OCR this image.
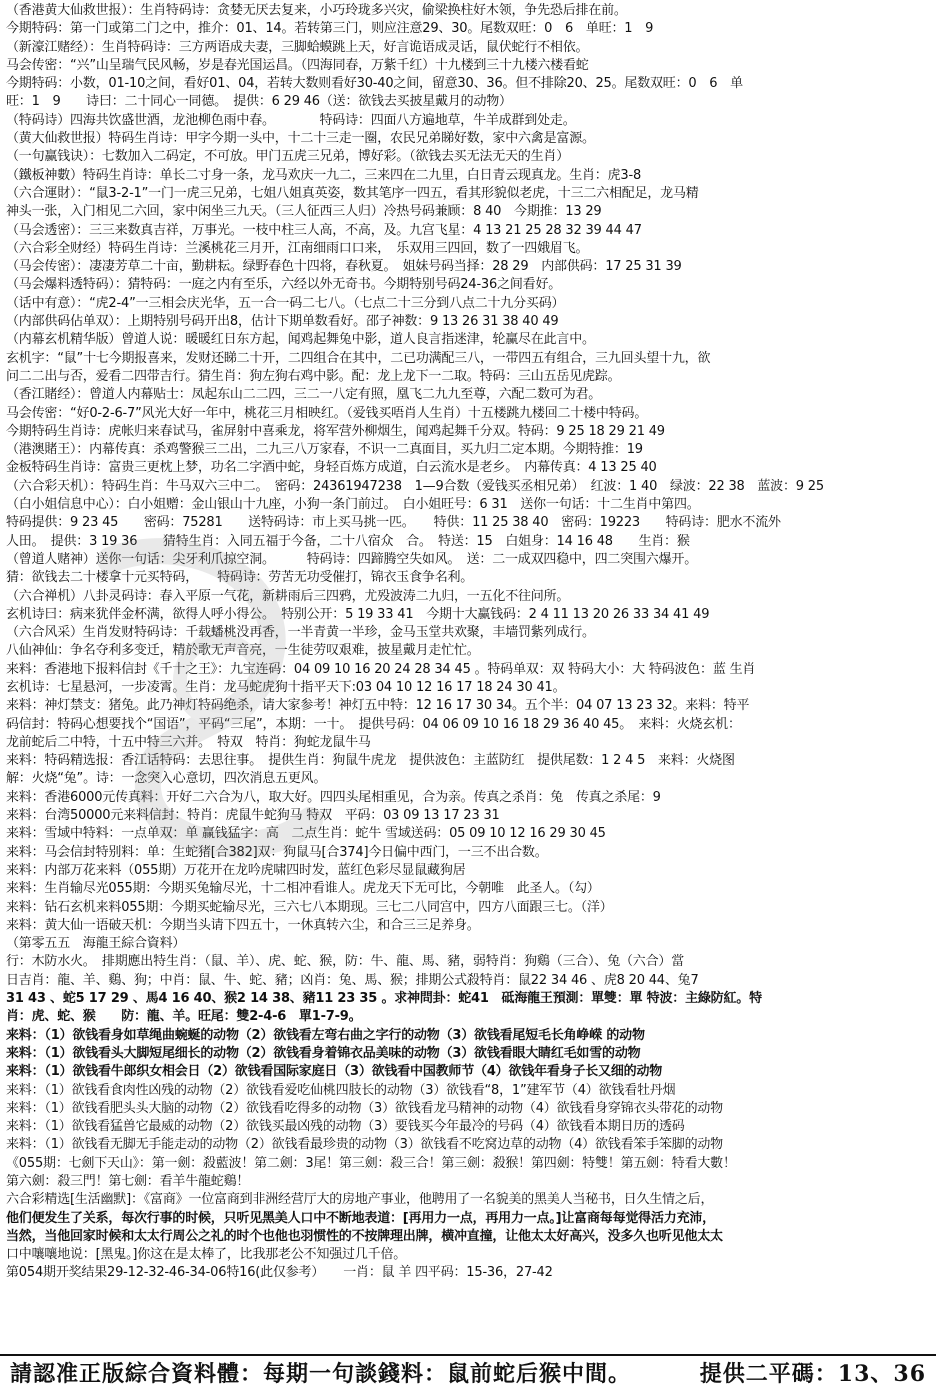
（香港黄大仙救世报）：生肖特码诗：贪婪无厌去复来，小巧玲珑多兴灾，偷梁换柱好木领，争先恐后排在前。
今期特码：第一门或第二门之中，推介：01、14。若转第三门，则应注意29、30。尾数双旺：0　6　单旺：1　9
（新濠江赌经）：生肖特码诗：三方两语成夫妻，三脚蛤蟆跳上天，好言诡语成灵话，鼠伏蛇行不相依。
马会传密：“兴”山呈瑞气民风畅，岁是春光国运昌。（四海同春，万紫千红）十九楼到三十九楼六楼看蛇
今期特码：小数，01-10之间，看好01、04，若转大数则看好30-40之间，留意30、36。但不排除20、25。尾数双旺：0　6　单
旺：1　9　　诗曰：二十同心一同德。　提供：6 29 46（送：欲钱去买披星戴月的动物）
（特码诗）四海共饮盛世酒，龙池柳色雨中春。　　　　特码诗：四面八方遍地草，牛羊成群到处走。
（黄大仙救世报）特码生肖诗：甲字今期一头中，十二十三走一圈，农民兄弟睇好数，家中六禽是富源。
（一句赢钱诀）：七数加入二码定，不可放。甲门五虎三兄弟，博好彩。（欲钱去买无法无天的生肖）
（鐵板神數）特码生肖诗：单长二寸身一条，龙马欢庆一九二，三来四在二九里，白日青云现真龙。生肖：虎3-8
（六合運財）：“鼠3-2-1”一门一虎三兄弟，七姐八姐真英姿，数其笔序一四五，看其形貌似老虎，十三二六相配足，龙马精
神头一张，入门相见二六回，家中闲坐三九天。（三人征西三人归）冷热号码兼顾：8 40　今期推：13 29
（马会透密）：三三来数真吉祥，万事光。一枝中柱三人高，不高，及。九宫飞星：4 13 21 25 28 32 39 44 47
（六合彩全财经）特码生肖诗：兰溪桃花三月开，江南细雨口口来，　乐双用三四回，数了一四娥眉飞。
（马会传密）：凄凄芳草二十亩，勤耕耘。绿野春色十四将，春秋夏。　姐妹号码当择：28 29　内部供码：17 25 31 39
（马会爆料透特码）：猜特码：一庭之内有至乐，六经以外无奇书。今期特别号码24-36之间看好。
（话中有意）：“虎2-4”一三相会庆光华，五一合一码二七八。（七点二十三分到八点二十九分买码）
（内部供码佔单双）：上期特别号码开出8，估计下期单数看好。邵子神数：9 13 26 31 38 40 49
（内幕玄机精华版）曾道人说：暖暖红日东方起，闻鸡起舞兔中影，道人良言指迷津，轮赢尽在此言中。
玄机字：“鼠”十七今期报喜来，发财还睇二十开，二四组合在其中，二已功满配三八，一带四五有组合，三九回头望十九，欲
问二二出与否，爱看二四带吉行。猜生肖：狗左狗右鸡中影。配：龙上龙下一二取。特码：三山五岳见虎踪。
（香江賭经）：曾道人内幕贴士：凤起东山二二四，三二一八定有照，凰飞二九九至尊，六配二数可为君。
马会传密：“好0-2-6-7”风光大好一年中，桃花三月相映红。（爱钱买唔肖人生肖）十五楼跳九楼回二十楼中特码。
今期特码生肖诗：虎帐归来春试马，雀屏射中喜乘龙，将军营外柳烟生，闻鸡起舞千分双。特码：9 25 18 29 21 49
（港澳賭王）：内幕传真：杀鸡警猴三二出，二九三八万家春，不识一二真面目，买九归二定本期。今期特推：19
金板特码生肖诗：富贵三更枕上梦，功名二字酒中蛇，身轻百炼方成道，白云流水是老乡。　内幕传真：4 13 25 40
（六合彩天机）：特码生肖：牛马双六三中二。　密码：24361947238　1—9合数（爱钱买丞相兄弟）　红波：1 40　绿波：22 38　蓝波：9 25
（白小姐信息中心）：白小姐赠：金山银山十九座，小狗一条门前过。　白小姐旺号：6 31　送你一句话：十二生肖中第四。
特码提供：9 23 45　　密码：75281　　送特码诗：市上买马挑一匹。　　特供：11 25 38 40　密码：19223　　特码诗：肥水不流外
人田。　提供：3 19 36　　猜特生肖：入同五福于今备，二十八宿众　合。　特送：15　白姐身：14 16 48　　生肖：猴
（曾道人赌神）送你一句话：尖牙利爪掠空洞。　　　特码诗：四蹄腾空失如风。　送：二一成双四稳中，四二突围六爆开。
猜：欲钱去二十楼拿十元买特码，　　特码诗：劳苦无功受催打，锦衣玉食争名利。
（六合禅机）八卦灵码诗：春入平原一气花，新耕雨后三四鸦，尤殁波涛二九归，一五化不往问所。
玄机诗曰：病来犹伴金杯满，欲得人呼小得公。　特别公开：5 19 33 41　今期十大赢钱码：2 4 11 13 20 26 33 34 41 49
（六合风采）生肖发财特码诗：千载蟠桃没再香，一半青黄一半珍，金马玉堂共欢聚，丰墙罚紫列成行。
八仙神仙：争名夺利多变迁，精於歌无声音亮，一生徒劳叹艰难，披星戴月走忙忙。
来料：香港地下报料信封《千十之王》：九宝连码：04 09 10 16 20 24 28 34 45 。特码单双：双 特码大小：大 特码波色：蓝 生肖
玄机诗：七星悬河，一步凌霄。生肖：龙马蛇虎狗十指平天下:03 04 10 12 16 17 18 24 30 41。
来料：神灯禁支：猪兔。此乃神灯特码绝杀，请大家参考！神灯五中特：12 16 17 30 34。五个半：04 07 13 23 32。来料：特平
码信封：特码心想要找个“国语”，平码“三尾”，本期：一十。　提供号码：04 06 09 10 16 18 29 36 40 45。　来料：火烧玄机：
龙前蛇后二中特，十五中特三六并。　特双　特肖：狗蛇龙鼠牛马
来料：特码精选报：香江话特码：去思往事。　提供生肖：狗鼠牛虎龙　提供波色：主蓝防红　提供尾数：1 2 4 5　来料：火烧图
解：火烧“兔”。诗：一念突入心意切，四次消息五更风。
来料：香港6000元传真料：开好二六合为八，取大好。四四头尾相重见，合为亲。传真之杀肖：兔　传真之杀尾：9
来料：台湾50000元来料信封：特肖：虎鼠牛蛇狗马 特双　平码：03 09 13 17 23 31
来料：雪域中特料：一点单双：单 赢钱猛字：高　二点生肖：蛇牛 雪域送码：05 09 10 12 16 29 30 45
来料：马会信封特别料：单：生蛇猪[合382]双：狗鼠马[合374]今日偏中西门，一三不出合数。
来料：内部万花来料（055期）万花开在龙吟虎啸四时发，蓝红色彩尽显鼠藏狗居
来料：生肖输尽光055期：今期买兔输尽光，十二相冲看谁人。虎龙天下无可比，今朝唯　此圣人。（勾）
来料：钻石玄机来料055期：今期买蛇输尽光，三六七八本期现。三七二八同宫中，四方八面跟三七。（洋）
来料：黄大仙一语破天机：今期当头请下四五十，一休真转六尘，和合三三足养身。
（第零五五　海龍王綜合資料）
行：木防水火。　排期應出特生肖：（鼠、羊）、虎、蛇、猴，防：牛、龍、馬、豬，弱特肖：狗鷄（三合）、兔（六合）當
日吉肖：龍、羊、鷄、狗；中肖：鼠、牛、蛇、豬；凶肖：兔、馬、猴；排期公式殺特肖：鼠22 34 46 、虎8 20 44、兔7
31 43 、蛇5 17 29 、馬4 16 40、猴2 14 38、豬11 23 35 。求神問卦：蛇41　砥海龍王預測：單雙：單 特波：主綠防紅。特
肖：虎、蛇、猴　　防：龍、羊。旺尾：雙2-4-6　單1-7-9。
来料：（1）欲钱看身如草绳曲蜿蜒的动物（2）欲钱看左弯右曲之字行的动物（3）欲钱看尾短毛长角峥嵘 的动物
来料：（1）欲钱看头大脚短尾细长的动物（2）欲钱看身着锦衣品美味的动物（3）欲钱看眼大睛红毛如雪的动物
来料：（1）欲钱看牛郎织女相会日（2）欲钱看国际家庭日（3）欲钱看中国教师节（4）欲钱年看身子长又细的动物
来料：（1）欲钱看食肉性凶残的动物（2）欲钱看爱吃仙桃四肢长的动物（3）欲钱看“8，1”建军节（4）欲钱看牡丹烟
来料：（1）欲钱看肥头头大脑的动物（2）欲钱看吃得多的动物（3）欲钱看龙马精神的动物（4）欲钱看身穿锦衣头带花的动物
来料：（1）欲钱看猛兽它最威的动物（2）欲钱买最凶残的动物（3）要钱买今年最冷的号码（4）欲钱看本期日历的透码
来料：（1）欲钱看无脚无手能走动的动物（2）欲钱看最珍贵的动物（3）欲钱看不吃窝边草的动物（4）欲钱看笨手笨脚的动物
《055期：七劍下天山》：第一劍：殺藍波！第二劍：3尾！第三劍：殺三合！第三劍：殺猴！第四劍：特雙！第五劍：特看大數！
第六劍：殺三門！第七劍：看羊牛龍蛇鷄！
六合彩精选[生活幽默]：《富商》一位富商到非洲经营厅大的房地产事业，他聘用了一名貌美的黑美人当秘书，日久生情之后，
他们便发生了关系，每次行事的时候，只听见黑美人口中不断地表道：[再用力一点，再用力一点。]让富商每每觉得活力充沛，
当然，当他回家时候和太太行周公之礼的时个也他也羽惯性的不按牌理出牌，横冲直撞，让他太太好高兴，没多久也听见他太太
口中嚷嚷地说：[黑鬼。]你这在是太棒了，比我那老公不知强过几千倍。
第054期开奖结果29-12-32-46-34-06特16(此仅参考）　　一肖：鼠 羊 四平码：15-36，27-42
請認准正版綜合資料體：每期一句談錢料：鼠前蛇后猴中間。	提供二平碼：13、36
